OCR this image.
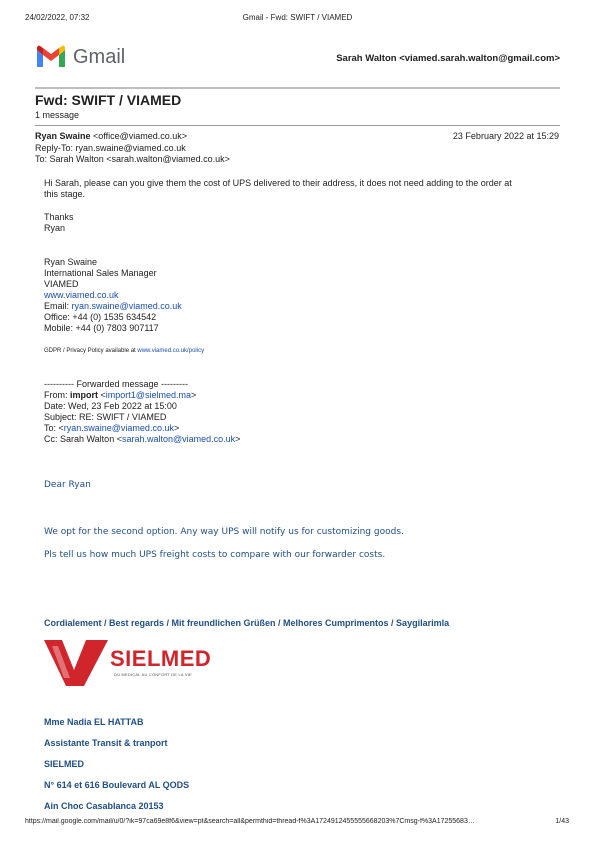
24/02/2022, 07:32	Gmail - Fwd: SWIFT / VIAMED
Gmail	Sarah Walton <viamed.sarah.walton@gmail.com>
Fwd: SWIFT / VIAMED
1 message
Ryan Swaine <office@viamed.co.uk>	23 February 2022 at 15:29
Reply-To: ryan.swaine@viamed.co.uk
To: Sarah Walton <sarah.walton@viamed.co.uk>
Hi Sarah, please can you give them the cost of UPS delivered to their address, it does not need adding to the order at
this stage.
Thanks
Ryan
Ryan Swaine
International Sales Manager
VIAMED
www.viamed.co.uk
Email: ryan.swaine@viamed.co.uk
Office: +44 (0) 1535 634542
Mobile: +44 (0) 7803 907117
GDPR / Privacy Policy available at www.viamed.co.uk/policy
---------- Forwarded message ---------
From: import <import1@sielmed.ma>
Date: Wed, 23 Feb 2022 at 15:00
Subject: RE: SWIFT / VIAMED
To: <ryan.swaine@viamed.co.uk>
Cc: Sarah Walton <sarah.walton@viamed.co.uk>
Dear Ryan
We opt for the second option. Any way UPS will notify us for customizing goods.
Pls tell us how much UPS freight costs to compare with our forwarder costs.
Cordialement / Best regards / Mit freundlichen Grüßen / Melhores Cumprimentos / Saygilarimla
SIELMED
DU MEDICAL AU CONFORT DE LA VIE
Mme Nadia EL HATTAB
Assistante Transit & tranport
SIELMED
N° 614 et 616 Boulevard AL QODS
Ain Choc Casablanca 20153
https://mail.google.com/mail/u/0/?ik=97ca69e8f6&view=pt&search=all&permthid=thread-f%3A1724912455555668203%7Cmsg-f%3A17255683…	1/43
